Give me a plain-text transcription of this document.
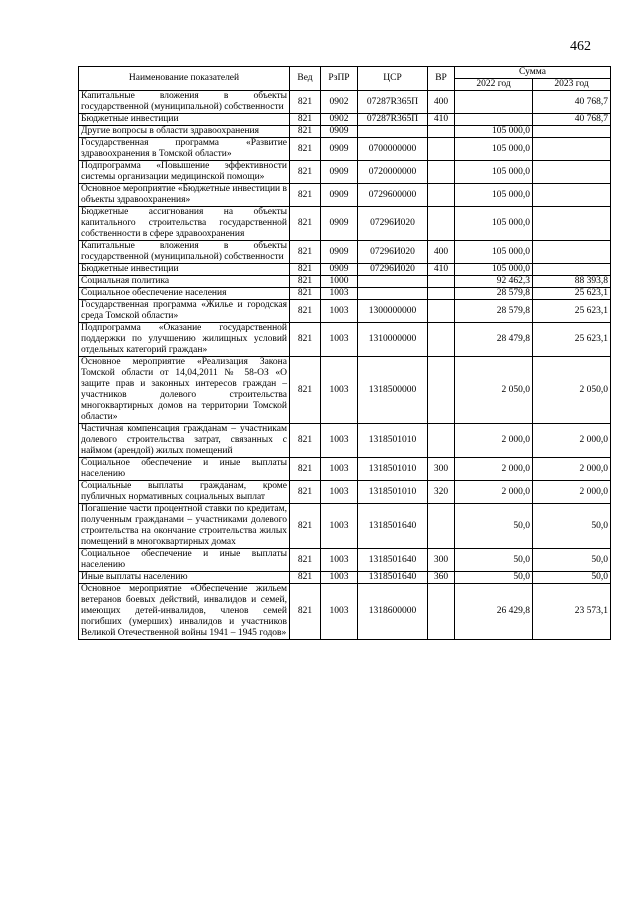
462
Наименование показателей	Вед	РзПР	ЦСР	ВР	Сумма	
					2022 год	2023 год
Капитальные вложения в объекты государственной (муниципальной) собственности	821	0902	07287R365П	400		40 768,7
Бюджетные инвестиции	821	0902	07287R365П	410		40 768,7
Другие вопросы в области здравоохранения	821	0909			105 000,0	
Государственная программа «Развитие здравоохранения в Томской области»	821	0909	0700000000		105 000,0	
Подпрограмма «Повышение эффективности системы организации медицинской помощи»	821	0909	0720000000		105 000,0	
Основное мероприятие «Бюджетные инвестиции в объекты здравоохранения»	821	0909	0729600000		105 000,0	
Бюджетные ассигнования на объекты капитального строительства государственной собственности в сфере здравоохранения	821	0909	07296И020		105 000,0	
Капитальные вложения в объекты государственной (муниципальной) собственности	821	0909	07296И020	400	105 000,0	
Бюджетные инвестиции	821	0909	07296И020	410	105 000,0	
Социальная политика	821	1000			92 462,3	88 393,8
Социальное обеспечение населения	821	1003			28 579,8	25 623,1
Государственная программа «Жилье и городская среда Томской области»	821	1003	1300000000		28 579,8	25 623,1
Подпрограмма «Оказание государственной поддержки по улучшению жилищных условий отдельных категорий граждан»	821	1003	1310000000		28 479,8	25 623,1
Основное мероприятие «Реализация Закона Томской области от 14,04,2011 № 58-ОЗ «О защите прав и законных интересов граждан – участников долевого строительства многоквартирных домов на территории Томской области»	821	1003	1318500000		2 050,0	2 050,0
Частичная компенсация гражданам – участникам долевого строительства затрат, связанных с наймом (арендой) жилых помещений	821	1003	1318501010		2 000,0	2 000,0
Социальное обеспечение и иные выплаты населению	821	1003	1318501010	300	2 000,0	2 000,0
Социальные выплаты гражданам, кроме публичных нормативных социальных выплат	821	1003	1318501010	320	2 000,0	2 000,0
Погашение части процентной ставки по кредитам, полученным гражданами – участниками долевого строительства на окончание строительства жилых помещений в многоквартирных домах	821	1003	1318501640		50,0	50,0
Социальное обеспечение и иные выплаты населению	821	1003	1318501640	300	50,0	50,0
Иные выплаты населению	821	1003	1318501640	360	50,0	50,0
Основное мероприятие «Обеспечение жильем ветеранов боевых действий, инвалидов и семей, имеющих детей-инвалидов, членов семей погибших (умерших) инвалидов и участников Великой Отечественной войны 1941 – 1945 годов»	821	1003	1318600000		26 429,8	23 573,1
